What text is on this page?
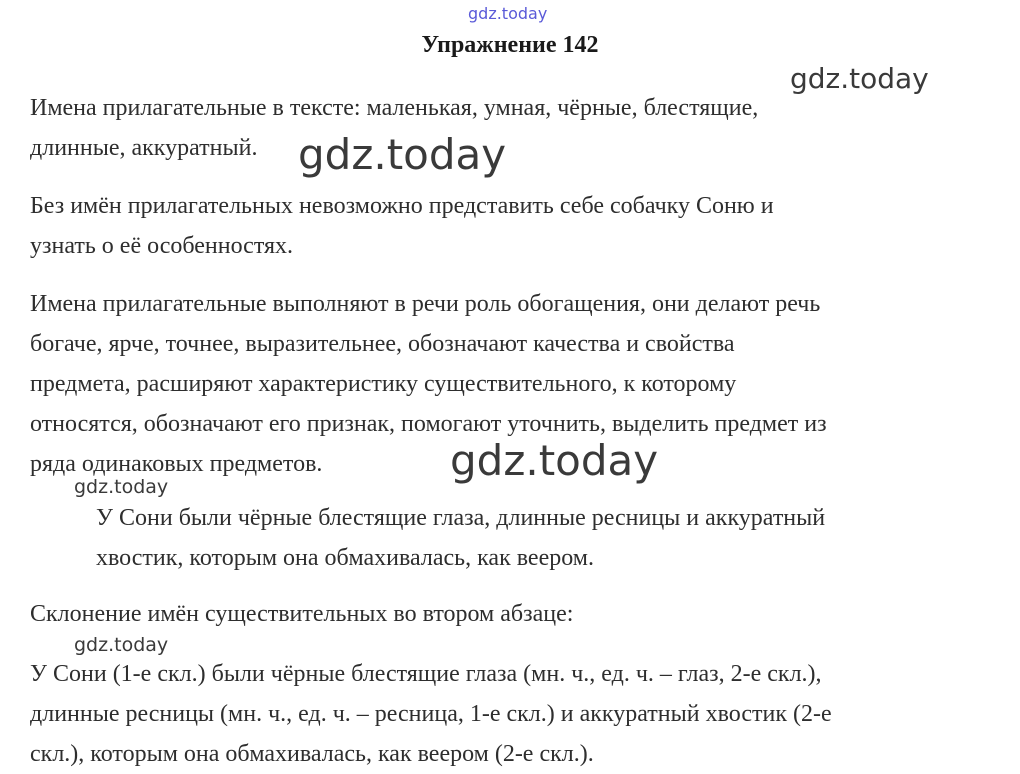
gdz.today
Упражнение 142
gdz.today

Имена прилагательные в тексте: маленькая, умная, чёрные, блестящие,
длинные, аккуратный. gdz.today

Без имён прилагательных невозможно представить себе собачку Соню и
узнать о её особенностях.

Имена прилагательные выполняют в речи роль обогащения, они делают речь
богаче, ярче, точнее, выразительнее, обозначают качества и свойства
предмета, расширяют характеристику существительного, к которому
относятся, обозначают его признак, помогают уточнить, выделить предмет из
ряда одинаковых предметов.	gdz.today
gdz.today

У Сони были чёрные блестящие глаза, длинные ресницы и аккуратный
хвостик, которым она обмахивалась, как веером.

Склонение имён существительных во втором абзаце:

gdz.today

У Сони (1-е скл.) были чёрные блестящие глаза (мн. ч., ед. ч. – глаз, 2-е скл.),
длинные ресницы (мн. ч., ед. ч. – ресница, 1-е скл.) и аккуратный хвостик (2-е
скл.), которым она обмахивалась, как веером (2-е скл.).
